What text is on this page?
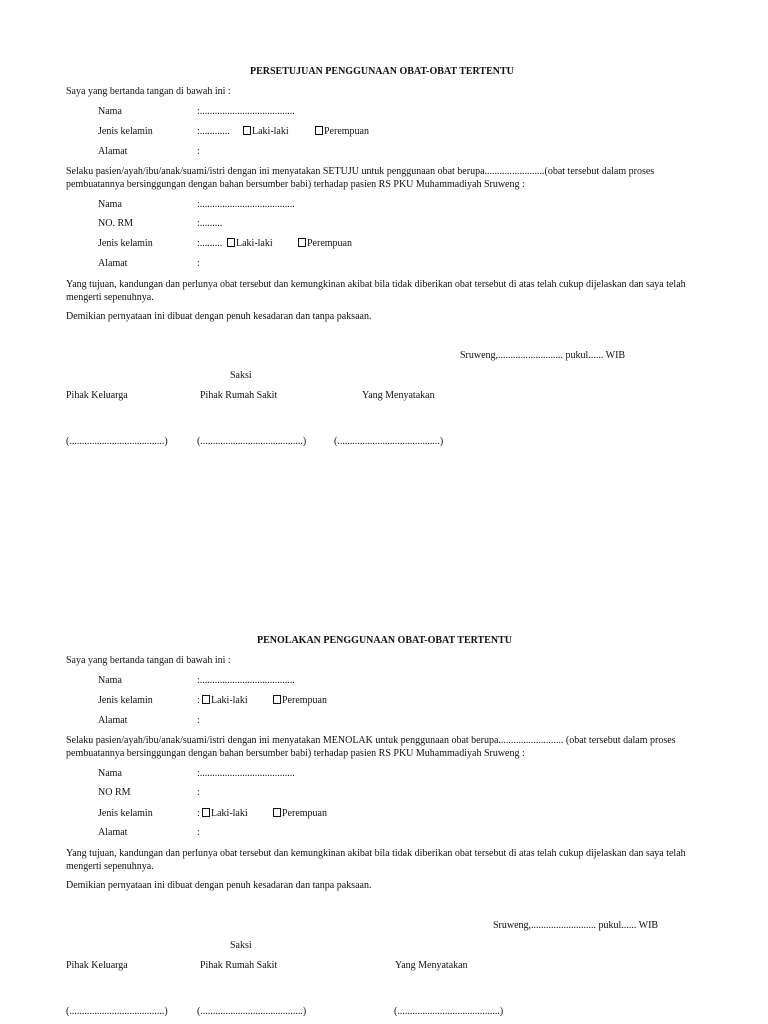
PERSETUJUAN PENGGUNAAN OBAT-OBAT TERTENTU
Saya yang bertanda tangan di bawah ini :
Nama	:......................................
Jenis kelamin	:............	Laki-laki	Perempuan
Alamat	:
Selaku pasien/ayah/ibu/anak/suami/istri dengan ini menyatakan SETUJU untuk penggunaan obat berupa........................(obat tersebut dalam proses pembuatannya bersinggungan dengan bahan bersumber babi) terhadap pasien RS PKU Muhammadiyah Sruweng :
Nama	:......................................
NO. RM	:.........
Jenis kelamin	:.........	Laki-laki	Perempuan
Alamat	:
Yang tujuan, kandungan dan perlunya obat tersebut dan kemungkinan akibat bila tidak diberikan obat tersebut di atas telah cukup dijelaskan dan saya telah mengerti sepenuhnya.
Demikian pernyataan ini dibuat dengan penuh kesadaran dan tanpa paksaan.
Sruweng,.......................... pukul...... WIB
Saksi
Pihak Keluarga	Pihak Rumah Sakit	Yang Menyatakan
(......................................)	(.........................................)	(.........................................)
PENOLAKAN PENGGUNAAN OBAT-OBAT TERTENTU
Saya yang bertanda tangan di bawah ini :
Nama	:......................................
Jenis kelamin	:	Laki-laki	Perempuan
Alamat	:
Selaku pasien/ayah/ibu/anak/suami/istri dengan ini menyatakan MENOLAK untuk penggunaan obat berupa.......................... (obat tersebut dalam proses pembuatannya bersinggungan dengan bahan bersumber babi) terhadap pasien RS PKU Muhammadiyah Sruweng :
Nama	:......................................
NO RM	:
Jenis kelamin	:	Laki-laki	Perempuan
Alamat	:
Yang tujuan, kandungan dan perlunya obat tersebut dan kemungkinan akibat bila tidak diberikan obat tersebut di atas telah cukup dijelaskan dan saya telah mengerti sepenuhnya.
Demikian pernyataan ini dibuat dengan penuh kesadaran dan tanpa paksaan.
Sruweng,.......................... pukul...... WIB
Saksi
Pihak Keluarga	Pihak Rumah Sakit	Yang Menyatakan
(......................................)	(.........................................)	(.........................................)
